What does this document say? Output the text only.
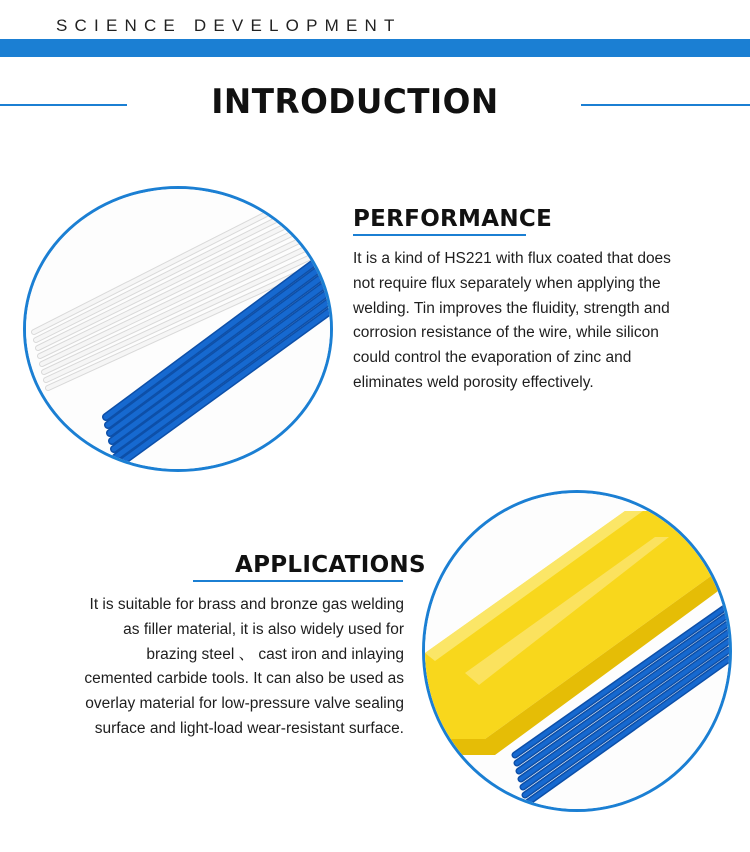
SCIENCE DEVELOPMENT
INTRODUCTION
PERFORMANCE

It is a kind of HS221 with flux coated that does

not require flux separately when applying the

welding. Tin improves the fluidity, strength and

corrosion resistance of the wire, while silicon

could control the evaporation of zinc and

eliminates weld porosity effectively.

APPLICATIONS

It is suitable for brass and bronze gas welding

as filler material, it is also widely used for

brazing steel 、 cast iron and inlaying

cemented carbide tools. It can also be used as

overlay material for low-pressure valve sealing

surface and light-load wear-resistant surface.
